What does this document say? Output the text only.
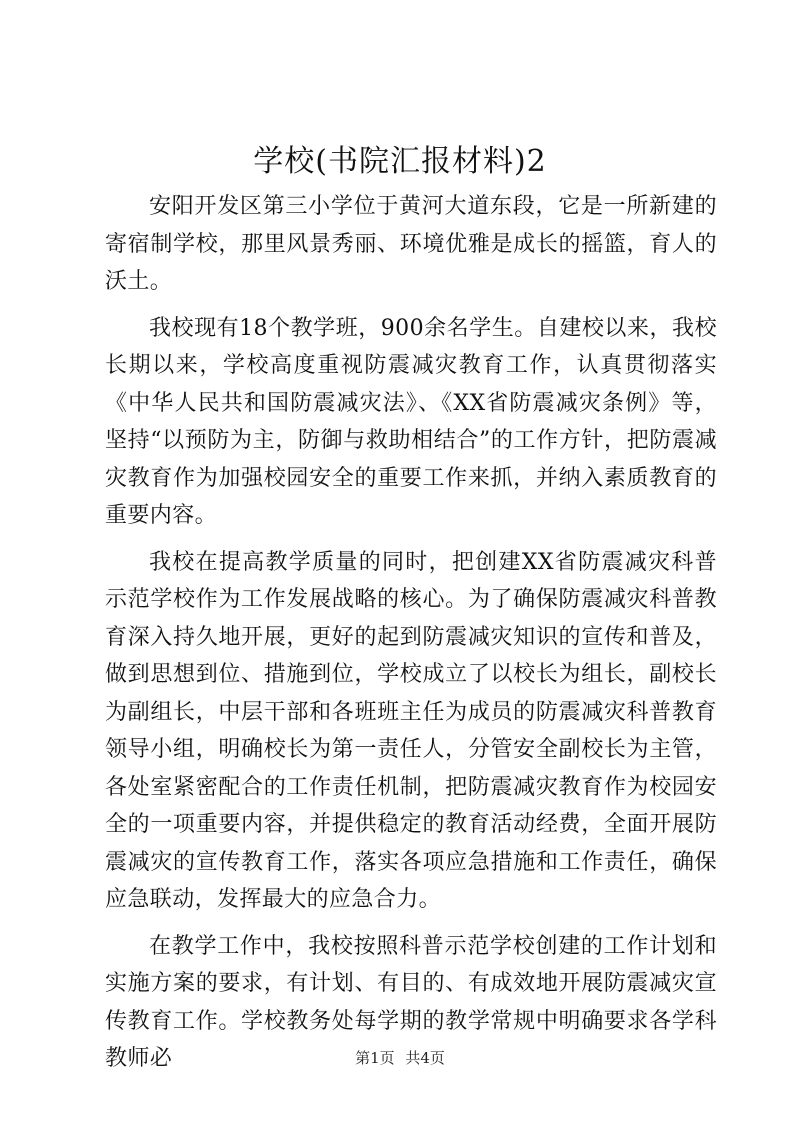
学校(书院汇报材料)2

安阳开发区第三小学位于黄河大道东段，它是一所新建的寄宿制学校，那里风景秀丽、环境优雅是成长的摇篮，育人的沃土。

我校现有18个教学班，900余名学生。自建校以来，我校长期以来，学校高度重视防震减灾教育工作，认真贯彻落实《中华人民共和国防震减灾法》、《XX省防震减灾条例》等，坚持“以预防为主，防御与救助相结合”的工作方针，把防震减灾教育作为加强校园安全的重要工作来抓，并纳入素质教育的重要内容。

我校在提高教学质量的同时，把创建XX省防震减灾科普示范学校作为工作发展战略的核心。为了确保防震减灾科普教育深入持久地开展，更好的起到防震减灾知识的宣传和普及，做到思想到位、措施到位，学校成立了以校长为组长，副校长为副组长，中层干部和各班班主任为成员的防震减灾科普教育领导小组，明确校长为第一责任人，分管安全副校长为主管，各处室紧密配合的工作责任机制，把防震减灾教育作为校园安全的一项重要内容，并提供稳定的教育活动经费，全面开展防震减灾的宣传教育工作，落实各项应急措施和工作责任，确保应急联动，发挥最大的应急合力。

在教学工作中，我校按照科普示范学校创建的工作计划和实施方案的要求，有计划、有目的、有成效地开展防震减灾宣传教育工作。学校教务处每学期的教学常规中明确要求各学科教师必	第1页 共4页
